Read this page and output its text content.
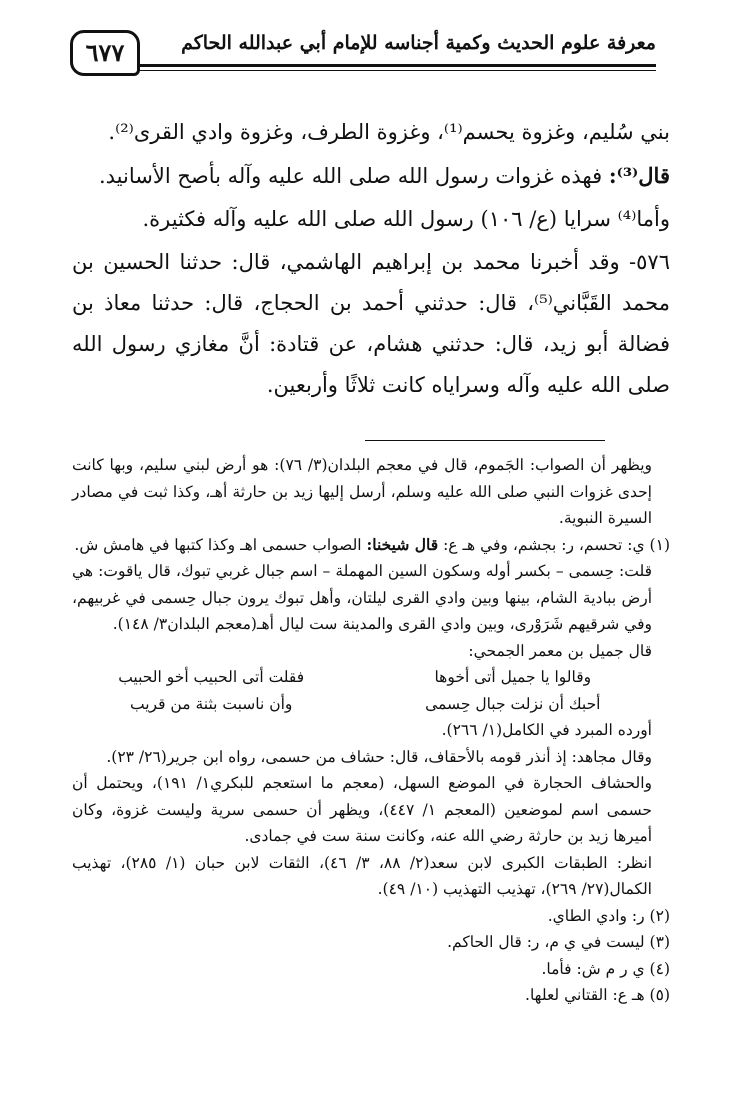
٦٧٧	معرفة علوم الحديث وكمية أجناسه للإمام أبي عبدالله الحاكم

بني سُليم، وغزوة يحسم⁽¹⁾، وغزوة الطرف، وغزوة وادي القرى⁽²⁾.

قال⁽³⁾: فهذه غزوات رسول الله صلى الله عليه وآله بأصح الأسانيد.

وأما⁽⁴⁾ سرايا (ع/ ١٠٦) رسول الله صلى الله عليه وآله فكثيرة.

٥٧٦- وقد أخبرنا محمد بن إبراهيم الهاشمي، قال: حدثنا الحسين بن محمد القَبَّاني⁽⁵⁾، قال: حدثني أحمد بن الحجاج، قال: حدثنا معاذ بن فضالة أبو زيد، قال: حدثني هشام، عن قتادة: أنَّ مغازي رسول الله صلى الله عليه وآله وسراياه كانت ثلاثًا وأربعين.

ويظهر أن الصواب: الجَموم، قال في معجم البلدان(٣/ ٧٦): هو أرض لبني سليم، وبها كانت إحدى غزوات النبي صلى الله عليه وسلم، أرسل إليها زيد بن حارثة أهـ، وكذا ثبت في مصادر السيرة النبوية.

(١) ي: تحسم، ر: بجشم، وفي هـ ع: قال شيخنا: الصواب حسمى اهـ وكذا كتبها في هامش ش.

قلت: حِسمى – بكسر أوله وسكون السين المهملة – اسم جبال غربي تبوك، قال ياقوت: هي أرض ببادية الشام، بينها وبين وادي القرى ليلتان، وأهل تبوك يرون جبال حِسمى في غربيهم، وفي شرقيهم شَرَوْرى، وبين وادي القرى والمدينة ست ليال أهـ(معجم البلدان٣/ ١٤٨).

قال جميل بن معمر الجمحي:

وقالوا يا جميل أتى أخوها
فقلت أتى الحبيب أخو الحبيب
أحبك أن نزلت جبال حِسمى
وأن ناسبت بثنة من قريب

أورده المبرد في الكامل(١/ ٢٦٦).

وقال مجاهد: إذ أنذر قومه بالأحقاف، قال: حشاف من حسمى، رواه ابن جرير(٢٦/ ٢٣).

والحشاف الحجارة في الموضع السهل، (معجم ما استعجم للبكري١/ ١٩١)، ويحتمل أن حسمى اسم لموضعين (المعجم ١/ ٤٤٧)، ويظهر أن حسمى سرية وليست غزوة، وكان أميرها زيد بن حارثة رضي الله عنه، وكانت سنة ست في جمادى.

انظر: الطبقات الكبرى لابن سعد(٢/ ٨٨، ٣/ ٤٦)، الثقات لابن حبان (١/ ٢٨٥)، تهذيب الكمال(٢٧/ ٢٦٩)، تهذيب التهذيب (١٠/ ٤٩).

(٢) ر: وادي الطاي.

(٣) ليست في ي م، ر: قال الحاكم.

(٤) ي ر م ش: فأما.

(٥) هـ ع: القتاني لعلها.
